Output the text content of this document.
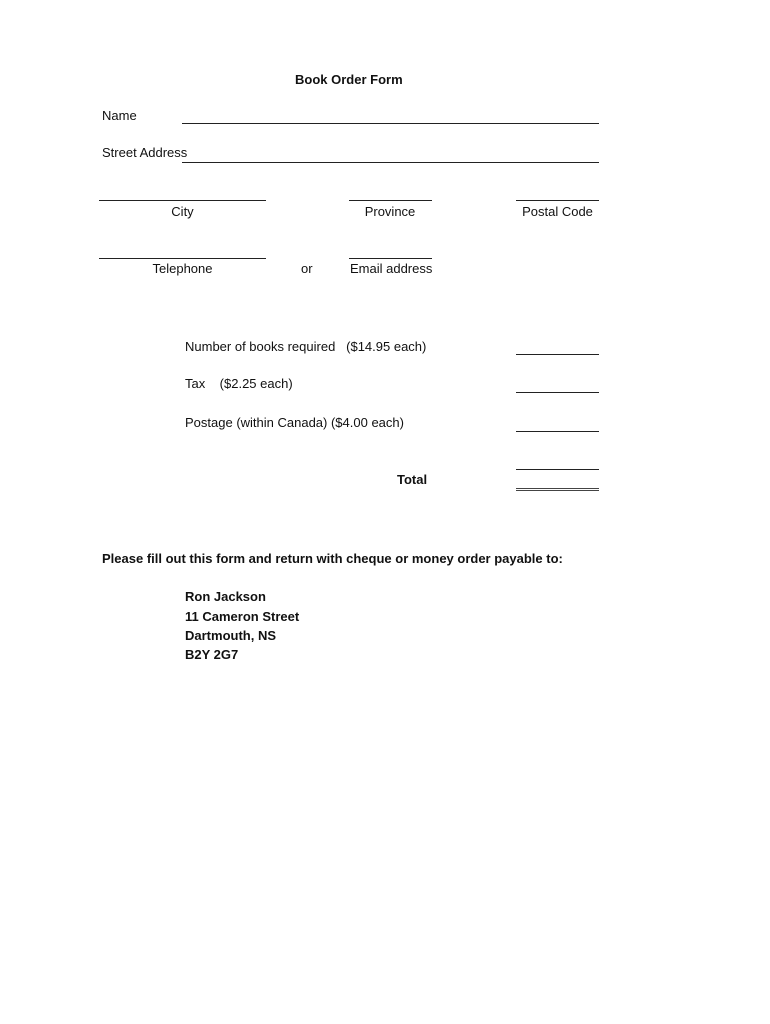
Book Order Form
Name
Street Address
City	Province	Postal Code
Telephone	or	Email address
Number of books required   ($14.95 each)
Tax    ($2.25 each)
Postage (within Canada) ($4.00 each)
Total
Please fill out this form and return with cheque or money order payable to:
Ron Jackson
11 Cameron Street
Dartmouth, NS
B2Y 2G7
